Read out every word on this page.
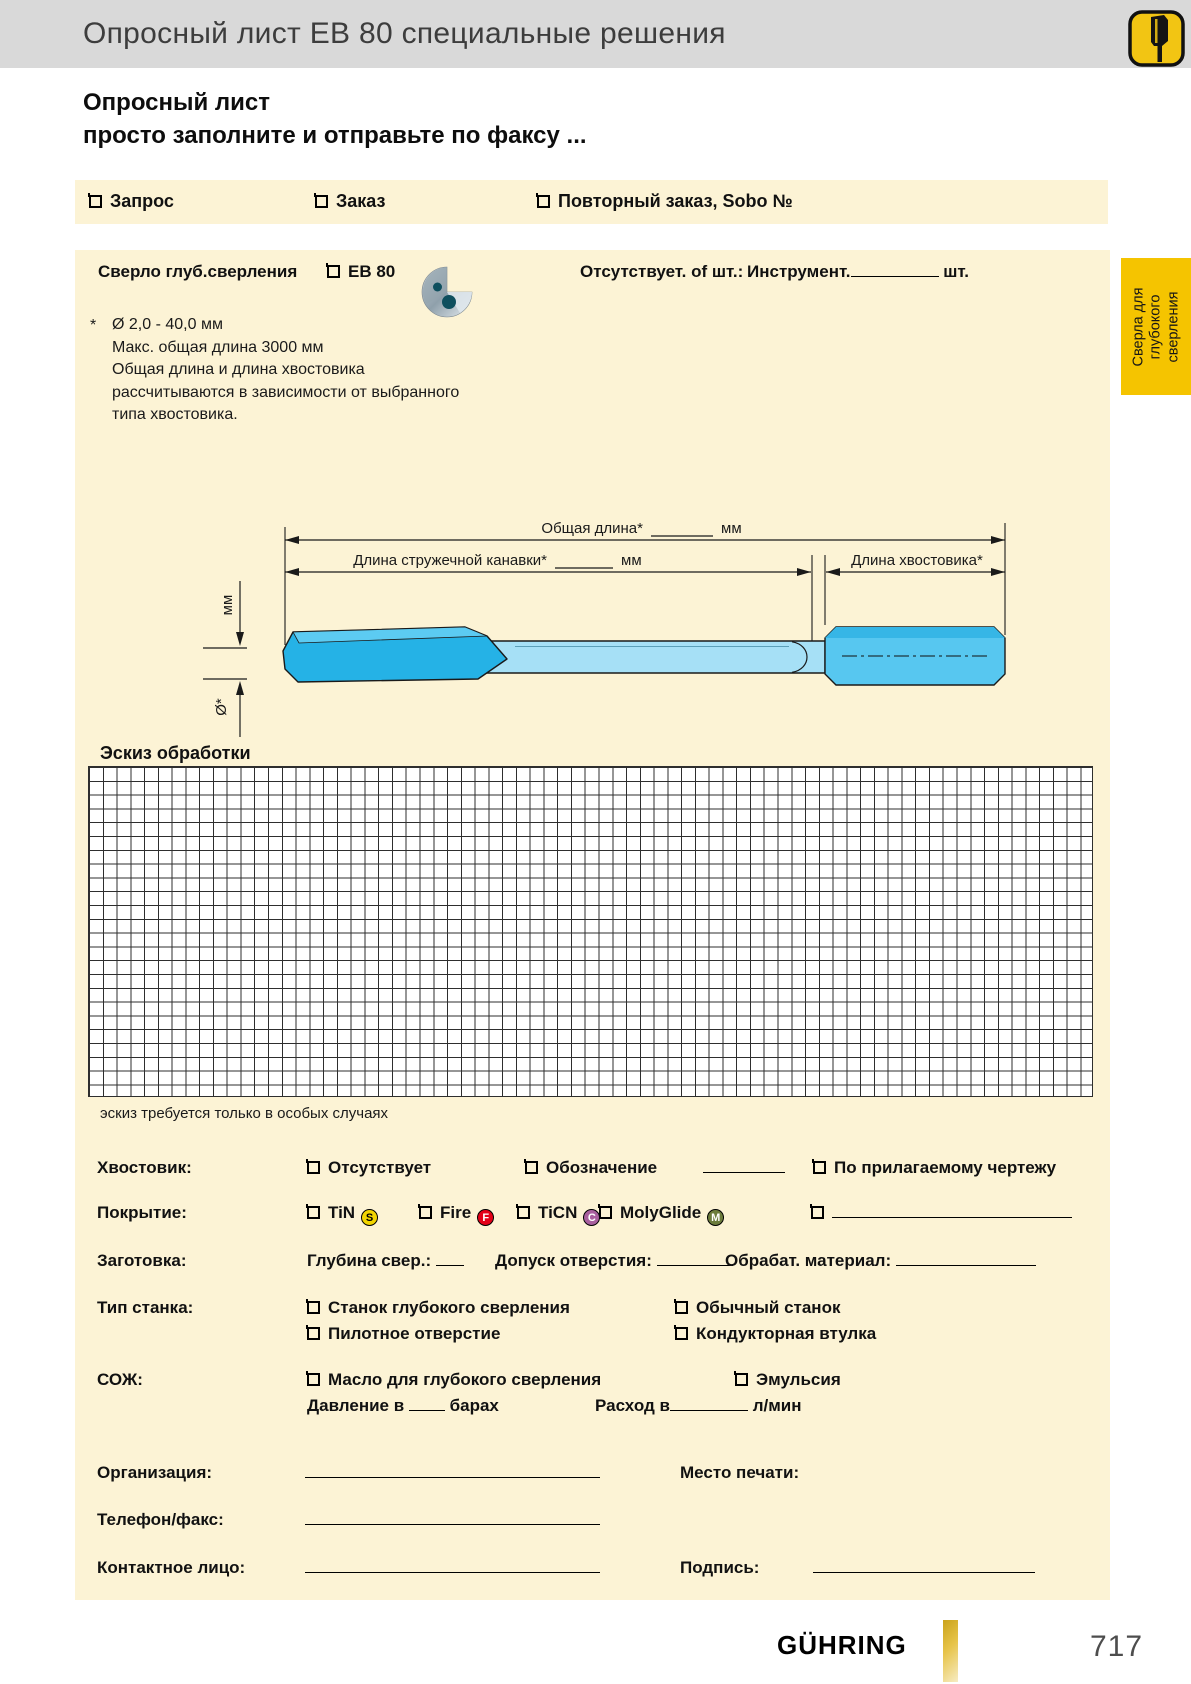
Опросный лист EB 80 специальные решения
Опросный лист
просто заполните и отправьте по факсу ...
Запрос	Заказ	Повторный заказ, Sobo №
Сверло глуб.сверления	EB 80	Отсутствует. of шт.: Инструмент.	шт.
* Ø 2,0 - 40,0 мм
Макс. общая длина 3000 мм
Общая длина и длина хвостовика
рассчитываются в зависимости от выбранного
типа хвостовика.
Общая длина*	мм
Длина стружечной канавки*	мм	Длина хвостовика*
мм
Ø*
Эскиз обработки
эскиз требуется только в особых случаях
Хвостовик:	Отсутствует	Обозначение	По прилагаемому чертежу
Покрытие:	TiN S	Fire F	TiCN C	MolyGlide M
Заготовка:	Глубина свер.:	Допуск отверстия:	Обрабат. материал:
Тип станка:	Станок глубокого сверления	Обычный станок
Пилотное отверстие	Кондукторная втулка
СОЖ:	Масло для глубокого сверления	Эмульсия
Давление в	барах	Расход в	л/мин
Организация:	Место печати:
Телефон/факс:
Контактное лицо:	Подпись:
Сверла для глубокого сверления
GÜHRING	717
